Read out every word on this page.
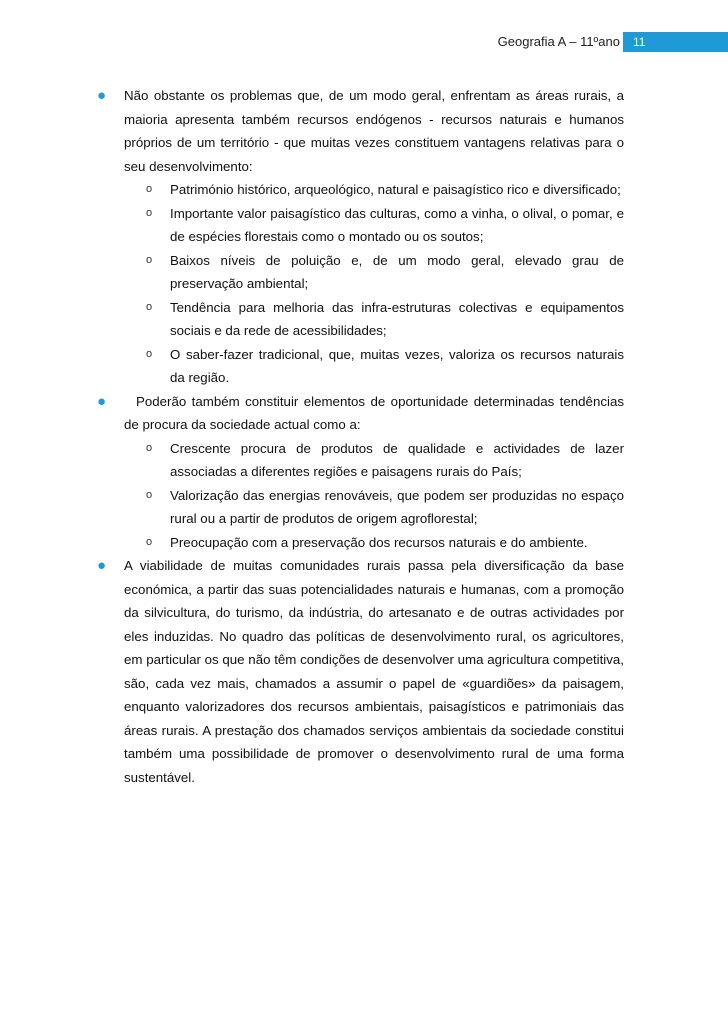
Geografia A – 11ºano	11
● Não obstante os problemas que, de um modo geral, enfrentam as áreas rurais, a maioria apresenta também recursos endógenos - recursos naturais e humanos próprios de um território - que muitas vezes constituem vantagens relativas para o seu desenvolvimento:
o Património histórico, arqueológico, natural e paisagístico rico e diversificado;
o Importante valor paisagístico das culturas, como a vinha, o olival, o pomar, e de espécies florestais como o montado ou os soutos;
o Baixos níveis de poluição e, de um modo geral, elevado grau de preservação ambiental;
o Tendência para melhoria das infra-estruturas colectivas e equipamentos sociais e da rede de acessibilidades;
o O saber-fazer tradicional, que, muitas vezes, valoriza os recursos naturais da região.
● Poderão também constituir elementos de oportunidade determinadas tendências de procura da sociedade actual como a:
o Crescente procura de produtos de qualidade e actividades de lazer associadas a diferentes regiões e paisagens rurais do País;
o Valorização das energias renováveis, que podem ser produzidas no espaço rural ou a partir de produtos de origem agroflorestal;
o Preocupação com a preservação dos recursos naturais e do ambiente.
● A viabilidade de muitas comunidades rurais passa pela diversificação da base económica, a partir das suas potencialidades naturais e humanas, com a promoção da silvicultura, do turismo, da indústria, do artesanato e de outras actividades por eles induzidas. No quadro das políticas de desenvolvimento rural, os agricultores, em particular os que não têm condições de desenvolver uma agricultura competitiva, são, cada vez mais, chamados a assumir o papel de «guardiões» da paisagem, enquanto valorizadores dos recursos ambientais, paisagísticos e patrimoniais das áreas rurais. A prestação dos chamados serviços ambientais da sociedade constitui também uma possibilidade de promover o desenvolvimento rural de uma forma sustentável.
